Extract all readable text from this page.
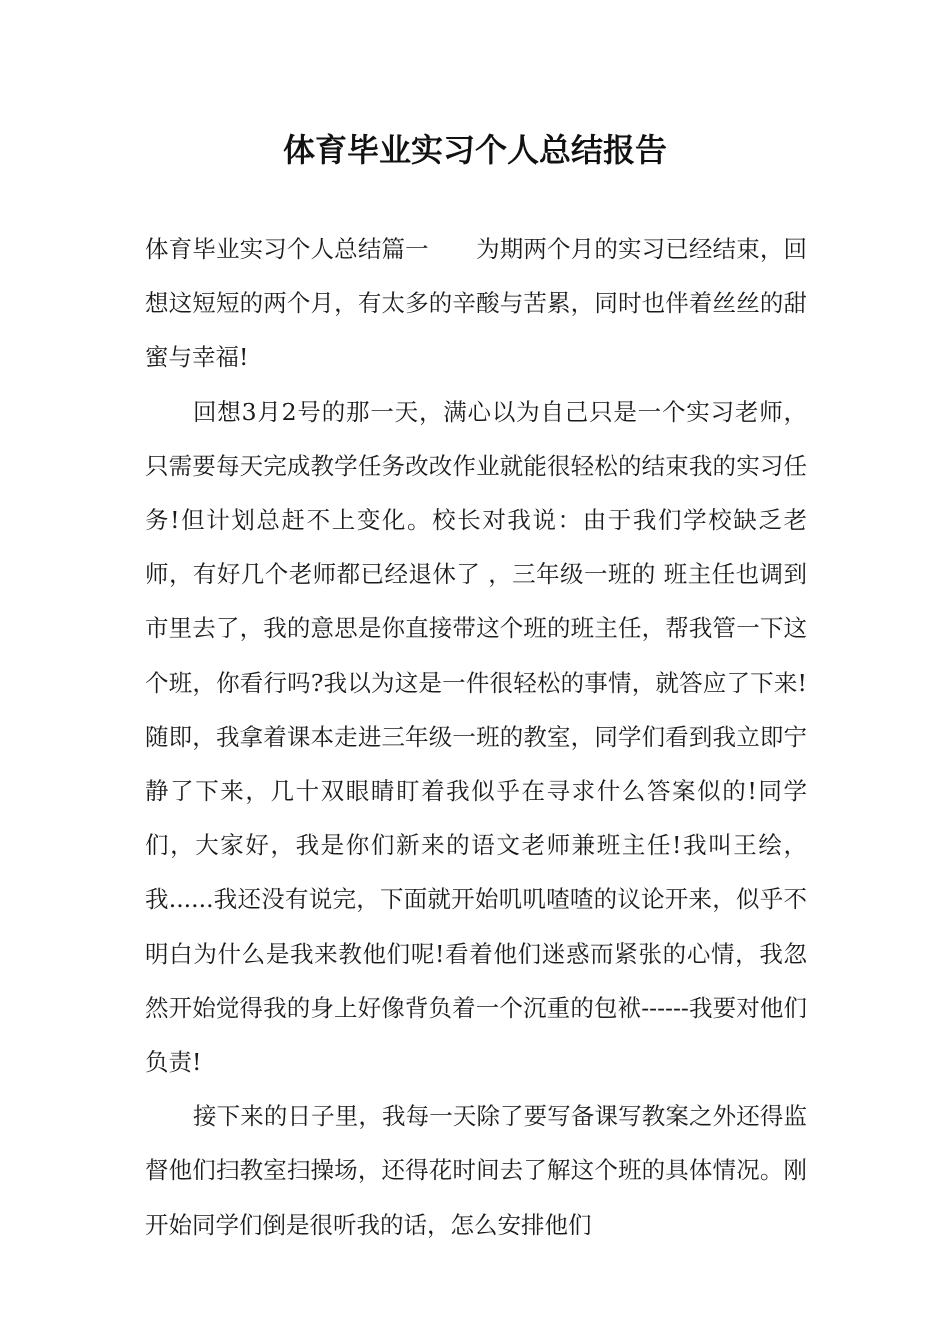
体育毕业实习个人总结报告

体育毕业实习个人总结篇一　　为期两个月的实习已经结束，回想这短短的两个月，有太多的辛酸与苦累，同时也伴着丝丝的甜蜜与幸福!

回想3月2号的那一天，满心以为自己只是一个实习老师，只需要每天完成教学任务改改作业就能很轻松的结束我的实习任务!但计划总赶不上变化。校长对我说：由于我们学校缺乏老师，有好几个老师都已经退休了 ，三年级一班的 班主任也调到市里去了，我的意思是你直接带这个班的班主任，帮我管一下这个班，你看行吗?我以为这是一件很轻松的事情，就答应了下来!随即，我拿着课本走进三年级一班的教室，同学们看到我立即宁静了下来，几十双眼睛盯着我似乎在寻求什么答案似的!同学们，大家好，我是你们新来的语文老师兼班主任!我叫王绘，我......我还没有说完，下面就开始叽叽喳喳的议论开来，似乎不明白为什么是我来教他们呢!看着他们迷惑而紧张的心情，我忽然开始觉得我的身上好像背负着一个沉重的包袱------我要对他们负责!

接下来的日子里，我每一天除了要写备课写教案之外还得监督他们扫教室扫操场，还得花时间去了解这个班的具体情况。刚开始同学们倒是很听我的话，怎么安排他们
